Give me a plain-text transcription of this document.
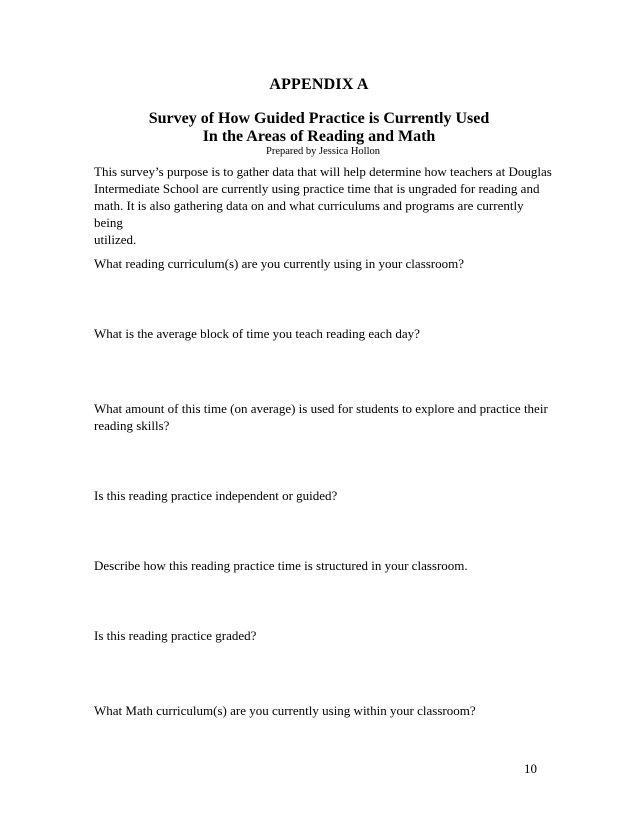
APPENDIX A
Survey of How Guided Practice is Currently Used
In the Areas of Reading and Math
Prepared by Jessica Hollon
This survey’s purpose is to gather data that will help determine how teachers at Douglas
Intermediate School are currently using practice time that is ungraded for reading and
math. It is also gathering data on and what curriculums and programs are currently being
utilized.
What reading curriculum(s) are you currently using in your classroom?
What is the average block of time you teach reading each day?
What amount of this time (on average) is used for students to explore and practice their
reading skills?
Is this reading practice independent or guided?
Describe how this reading practice time is structured in your classroom.
Is this reading practice graded?
What Math curriculum(s) are you currently using within your classroom?
10
